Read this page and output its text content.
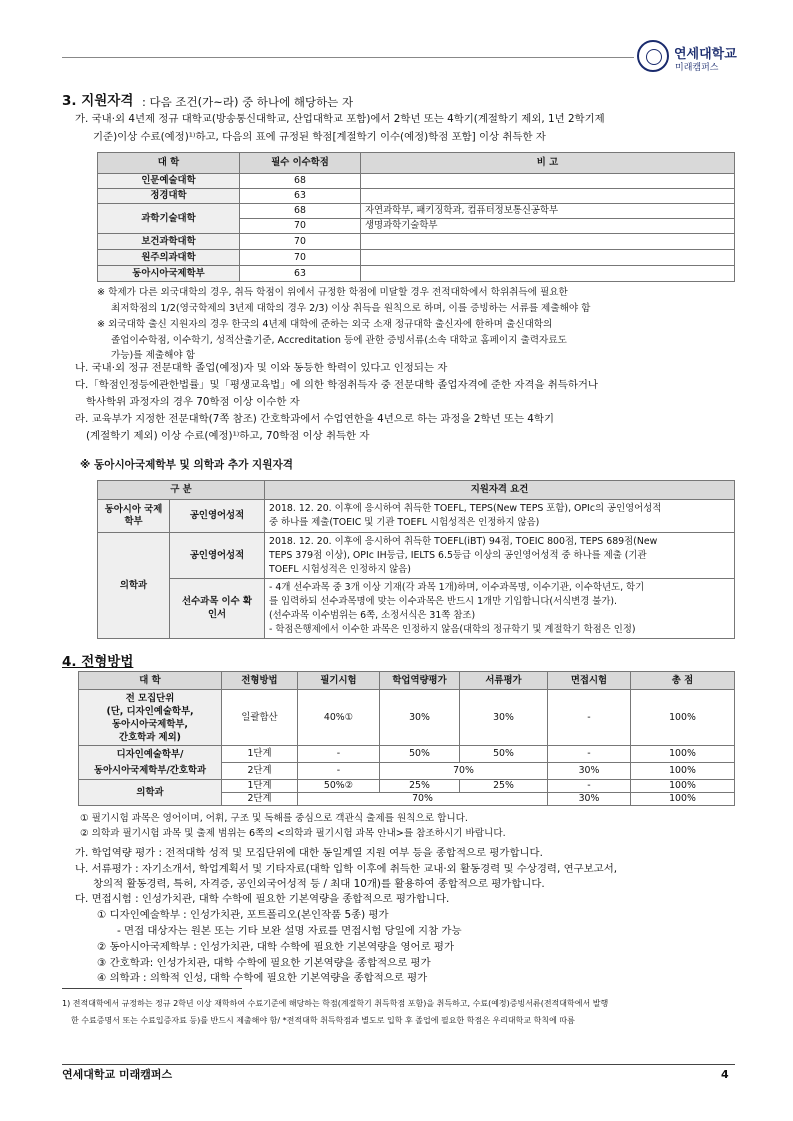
연세대학교
미래캠퍼스
3. 지원자격 : 다음 조건(가~라) 중 하나에 해당하는 자
가. 국내·외 4년제 정규 대학교(방송통신대학교, 산업대학교 포함)에서 2학년 또는 4학기(계절학기 제외, 1년 2학기제
기준)이상 수료(예정)¹⁾하고, 다음의 표에 규정된 학점[계절학기 이수(예정)학점 포함] 이상 취득한 자
대 학	필수 이수학점	비 고
인문예술대학	68	
정경대학	63	
과학기술대학	68	자연과학부, 패키징학과, 컴퓨터정보통신공학부
	70	생명과학기술학부
보건과학대학	70	
원주의과대학	70	
동아시아국제학부	63	
※ 학제가 다른 외국대학의 경우, 취득 학점이 위에서 규정한 학점에 미달할 경우 전적대학에서 학위취득에 필요한
최저학점의 1/2(영국학제의 3년제 대학의 경우 2/3) 이상 취득을 원칙으로 하며, 이를 증빙하는 서류를 제출해야 함
※ 외국대학 출신 지원자의 경우 한국의 4년제 대학에 준하는 외국 소재 정규대학 출신자에 한하며 출신대학의
졸업이수학점, 이수학기, 성적산출기준, Accreditation 등에 관한 증빙서류(소속 대학교 홈페이지 출력자료도
가능)를 제출해야 함
나. 국내·외 정규 전문대학 졸업(예정)자 및 이와 동등한 학력이 있다고 인정되는 자
다.「학점인정등에관한법률」및「평생교육법」에 의한 학점취득자 중 전문대학 졸업자격에 준한 자격을 취득하거나
학사학위 과정자의 경우 70학점 이상 이수한 자
라. 교육부가 지정한 전문대학(7쪽 참조) 간호학과에서 수업연한을 4년으로 하는 과정을 2학년 또는 4학기
(계절학기 제외) 이상 수료(예정)¹⁾하고, 70학점 이상 취득한 자
※ 동아시아국제학부 및 의학과 추가 지원자격
구 분		지원자격 요건
동아시아 국제학부	공인영어성적	2018. 12. 20. 이후에 응시하여 취득한 TOEFL, TEPS(New TEPS 포함), OPIc의 공인영어성적
중 하나를 제출(TOEIC 및 기관 TOEFL 시험성적은 인정하지 않음)

의학과	공인영어성적	2018. 12. 20. 이후에 응시하여 취득한 TOEFL(iBT) 94점, TOEIC 800점, TEPS 689점(New
TEPS 379점 이상), OPIc IH등급, IELTS 6.5등급 이상의 공인영어성적 중 하나를 제출 (기관
TOEFL 시험성적은 인정하지 않음)

	선수과목 이수 확인서	- 4개 선수과목 중 3개 이상 기재(각 과목 1개)하며, 이수과목명, 이수기관, 이수학년도, 학기
를 입력하되 선수과목명에 맞는 이수과목은 반드시 1개만 기입합니다(서식변경 불가).
(선수과목 이수범위는 6쪽, 소정서식은 31쪽 참조)
- 학점은행제에서 이수한 과목은 인정하지 않음(대학의 정규학기 및 계절학기 학점은 인정)
4. 전형방법
대 학	전형방법	필기시험	학업역량평가	서류평가	면접시험	총 점

전 모집단위
(단, 디자인예술학부,
동아시아국제학부,
간호학과 제외)	일괄합산	40%①	30%	30%	-	100%

디자인예술학부/
동아시아국제학부/간호학과	1단계	-	50%	50%	-	100%
	2단계	-	70%		30%	100%
의학과	1단계	50%②	25%	25%	-	100%
	2단계	70%			30%	100%
① 필기시험 과목은 영어이며, 어휘, 구조 및 독해를 중심으로 객관식 출제를 원칙으로 합니다.
② 의학과 필기시험 과목 및 출제 범위는 6쪽의 <의학과 필기시험 과목 안내>를 참조하시기 바랍니다.
가. 학업역량 평가 : 전적대학 성적 및 모집단위에 대한 동일계열 지원 여부 등을 종합적으로 평가합니다.
나. 서류평가 : 자기소개서, 학업계획서 및 기타자료(대학 입학 이후에 취득한 교내·외 활동경력 및 수상경력, 연구보고서,
창의적 활동경력, 특허, 자격증, 공인외국어성적 등 / 최대 10개)를 활용하여 종합적으로 평가합니다.
다. 면접시험 : 인성가치관, 대학 수학에 필요한 기본역량을 종합적으로 평가합니다.
① 디자인예술학부 : 인성가치관, 포트폴리오(본인작품 5종) 평가
- 면접 대상자는 원본 또는 기타 보완 설명 자료를 면접시험 당일에 지참 가능
② 동아시아국제학부 : 인성가치관, 대학 수학에 필요한 기본역량을 영어로 평가
③ 간호학과: 인성가치관, 대학 수학에 필요한 기본역량을 종합적으로 평가
④ 의학과 : 의학적 인성, 대학 수학에 필요한 기본역량을 종합적으로 평가
1) 전적대학에서 규정하는 정규 2학년 이상 재학하여 수료기준에 해당하는 학점(계절학기 취득학점 포함)을 취득하고, 수료(예정)증빙서류(전적대학에서 발행
한 수료증명서 또는 수료입증자료 등)를 반드시 제출해야 함/ *전적대학 취득학점과 별도로 입학 후 졸업에 필요한 학점은 우리대학교 학칙에 따름
연세대학교 미래캠퍼스	4
